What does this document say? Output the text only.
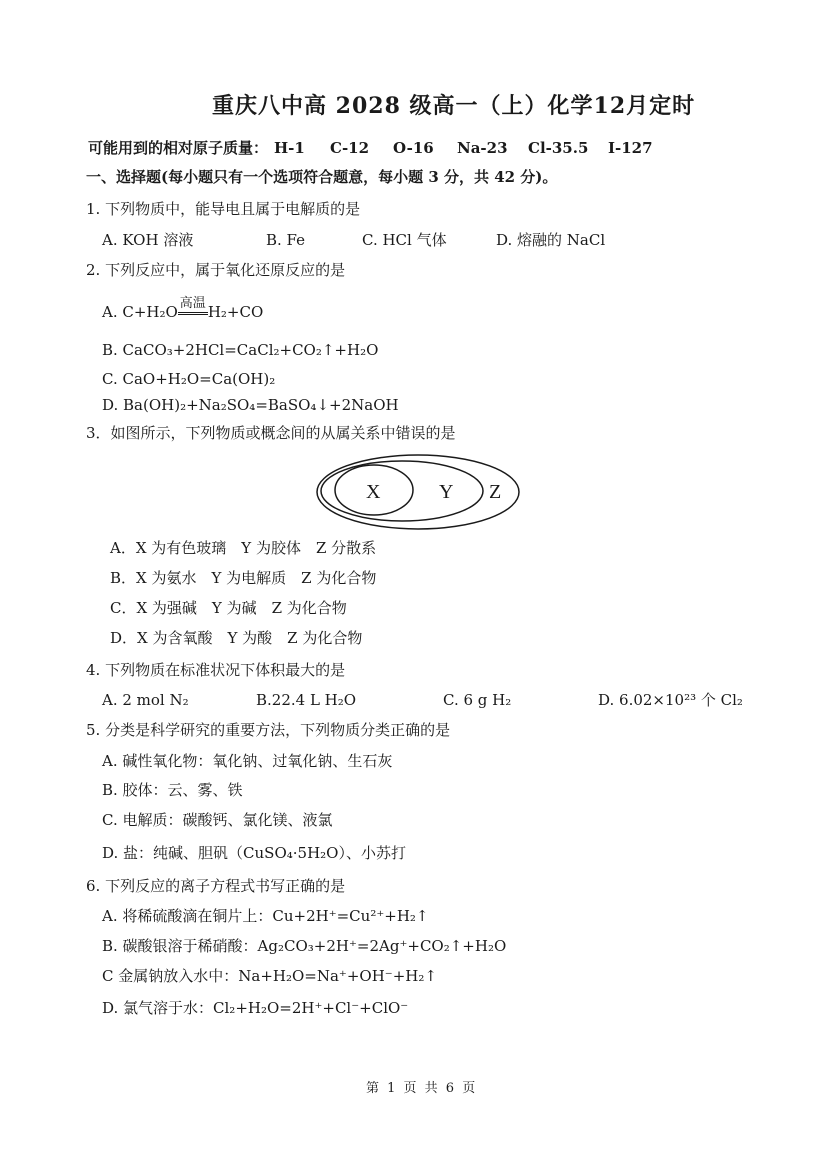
重庆八中高 2028 级高一（上）化学12月定时
可能用到的相对原子质量： H-1 C-12 O-16 Na-23 Cl-35.5 I-127
一、选择题(每小题只有一个选项符合题意，每小题 3 分，共 42 分)。
1. 下列物质中，能导电且属于电解质的是
A. KOH 溶液	B. Fe	C. HCl 气体	D. 熔融的 NaCl
2. 下列反应中，属于氧化还原反应的是
A. C+H₂O 高温 H₂+CO
B. CaCO₃+2HCl=CaCl₂+CO₂↑+H₂O
C. CaO+H₂O=Ca(OH)₂
D. Ba(OH)₂+Na₂SO₄=BaSO₄↓+2NaOH
3．如图所示，下列物质或概念间的从属关系中错误的是
X	Y Z
A．X 为有色玻璃　Y 为胶体　Z 分散系
B．X 为氨水　Y 为电解质　Z 为化合物
C．X 为强碱　Y 为碱　Z 为化合物
D．X 为含氧酸　Y 为酸　Z 为化合物
4. 下列物质在标准状况下体积最大的是
A. 2 mol N₂	B.22.4 L H₂O	C. 6 g H₂	D. 6.02×10²³ 个 Cl₂
5. 分类是科学研究的重要方法，下列物质分类正确的是
A. 碱性氧化物：氧化钠、过氧化钠、生石灰
B. 胶体：云、雾、铁
C. 电解质：碳酸钙、氯化镁、液氯
D. 盐：纯碱、胆矾（CuSO₄·5H₂O）、小苏打
6. 下列反应的离子方程式书写正确的是
A. 将稀硫酸滴在铜片上：Cu+2H⁺=Cu²⁺+H₂↑
B. 碳酸银溶于稀硝酸：Ag₂CO₃+2H⁺=2Ag⁺+CO₂↑+H₂O
C 金属钠放入水中：Na+H₂O=Na⁺+OH⁻+H₂↑
D. 氯气溶于水：Cl₂+H₂O=2H⁺+Cl⁻+ClO⁻
第 1 页 共 6 页
